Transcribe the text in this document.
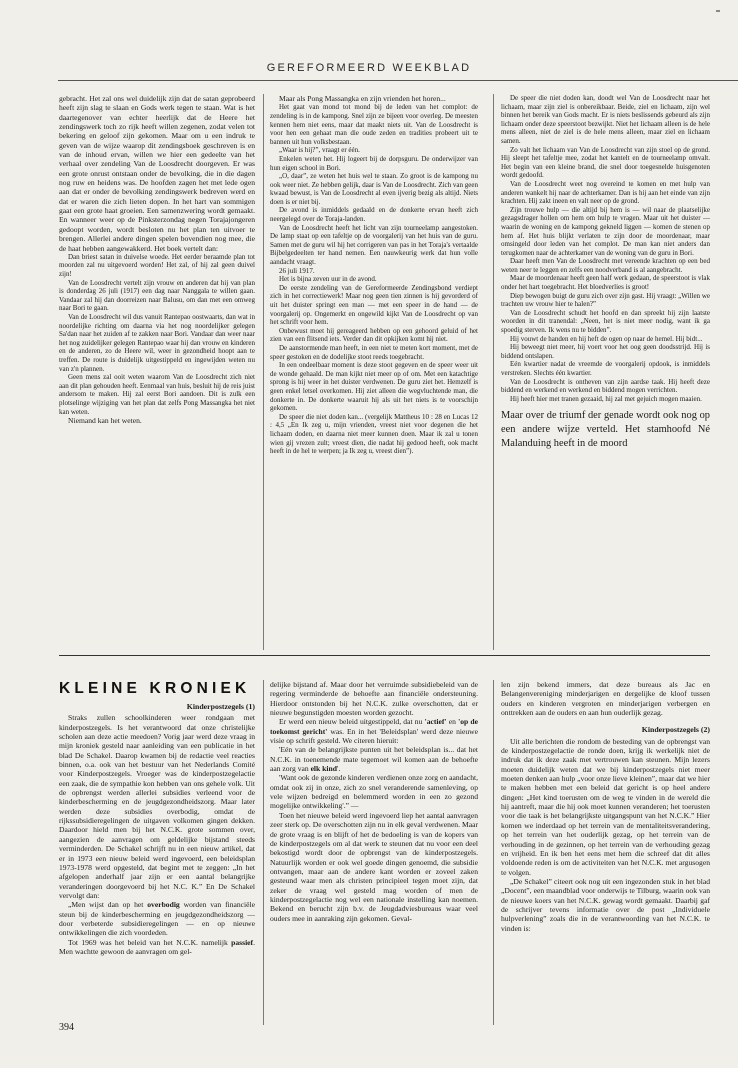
GEREFORMEERD WEEKBLAD

gebracht. Het zal ons wel duidelijk zijn dat de satan geprobeerd heeft zijn slag te slaan en Gods werk tegen te staan. Wat is het daartegenover van echter heerlijk dat de Heere het zendingswerk toch zo rijk heeft willen zegenen, zodat velen tot bekering en geloof zijn gekomen. Maar om u een indruk te geven van de wijze waarop dit zendingsboek geschreven is en van de inhoud ervan, willen we hier een gedeelte van het verhaal over zendeling Van de Loosdrecht doorgeven. Er was een grote onrust ontstaan onder de bevolking, die in die dagen nog ruw en heidens was. De hoofden zagen het met lede ogen aan dat er onder de bevolking zendingswerk bedreven werd en dat er waren die zich lieten dopen. In het hart van sommigen gaat een grote haat groeien. Een samenzwering wordt gemaakt. En wanneer weer op de Pinksterzondag negen Torajajongeren gedoopt worden, wordt besloten nu het plan ten uitvoer te brengen. Allerlei andere dingen spelen bovendien nog mee, die de haat hebben aangewakkerd. Het boek vertelt dan:

Dan briest satan in duivelse woede. Het eerder beraamde plan tot moorden zal nu uitgevoerd worden! Het zal, of hij zal geen duivel zijn!

Van de Loosdrecht vertelt zijn vrouw en anderen dat hij van plan is donderdag 26 juli (1917) een dag naar Nanggala te willen gaan. Vandaar zal hij dan doorreizen naar Balusu, om dan met een omweg naar Bori te gaan.

Van de Loosdrecht wil dus vanuit Rantepao oostwaarts, dan wat in noordelijke richting om daarna via het nog noordelijker gelegen Sa'dan naar het zuiden af te zakken naar Bori. Vandaar dan weer naar het nog zuidelijker gelegen Rantepao waar hij dan vrouw en kinderen en de anderen, zo de Heere wil, weer in gezondheid hoopt aan te treffen. De route is duidelijk uitgestippeld en ingewijden weten nu van z'n plannen.

Geen mens zal ooit weten waarom Van de Loosdrecht zich niet aan dit plan gehouden heeft. Eenmaal van huis, besluit hij de reis juist andersom te maken. Hij zal eerst Bori aandoen. Dit is zulk een plotselinge wijziging van het plan dat zelfs Pong Massangka het niet kan weten.

Niemand kan het weten.

Maar als Pong Massangka en zijn vrienden het horen...

Het gaat van mond tot mond bij de leden van het complot: de zendeling is in de kampong. Snel zijn ze bijeen voor overleg. De meesten kennen hem niet eens, maar dat maakt niets uit. Van de Loosdrecht is voor hen een gehaat man die oude zeden en tradities probeert uit te bannen uit hun volksbestaan.

„Waar is hij?”, vraagt er één.

Enkelen weten het. Hij logeert bij de dorpsguru. De onderwijzer van hun eigen school in Bori.

„O, daar”, ze weten het huis wel te staan. Zo groot is de kampong nu ook weer niet. Ze hebben gelijk, daar is Van de Loosdrecht. Zich van geen kwaad bewust, is Van de Loosdrecht al even ijverig bezig als altijd. Niets doen is er niet bij.

De avond is inmiddels gedaald en de donkerte ervan heeft zich neergelegd over de Toraja-landen.

Van de Loosdrecht heeft het licht van zijn tourneelamp aangestoken. De lamp staat op een tafeltje op de voorgalerij van het huis van de guru. Samen met de guru wil hij het corrigeren van pas in het Toraja's vertaalde Bijbelgedeelten ter hand nemen. Een nauwkeurig werk dat hun volle aandacht vraagt.

26 juli 1917.

Het is bijna zeven uur in de avond.

De eerste zendeling van de Gereformeerde Zendingsbond verdiept zich in het correctiewerk! Maar nog geen tien zinnen is hij gevorderd of uit het duister springt een man — met een speer in de hand — de voorgalerij op. Ongemerkt en ongewild kijkt Van de Loosdrecht op van het schrift voor hem.

Onbewust moet hij gereageerd hebben op een gehoord geluid of het zien van een flitsend iets. Verder dan dit opkijken komt hij niet.

De aanstormende man heeft, in een niet te meten kort moment, met de speer gestoken en de dodelijke stoot reeds toegebracht.

In een ondeelbaar moment is deze stoot gegeven en de speer weer uit de wonde gehaald. De man kijkt niet meer op of om. Met een katachtige sprong is hij weer in het duister verdwenen. De guru ziet het. Hemzelf is geen enkel letsel overkomen. Hij ziet alleen die wegvluchtende man, die donkerte in. De donkerte waaruit hij als uit het niets is te voorschijn gekomen.

De speer die niet doden kan... (vergelijk Mattheus 10 : 28 en Lucas 12 : 4,5 „En Ik zeg u, mijn vrienden, vreest niet voor degenen die het lichaam doden, en daarna niet meer kunnen doen. Maar ik zal u tonen wien gij vrezen zult; vreest dien, die nadat hij gedood heeft, ook macht heeft in de hel te werpen; ja Ik zeg u, vreest dien”).

De speer die niet doden kan, doodt wel Van de Loosdrecht naar het lichaam, maar zijn ziel is onbereikbaar. Beide, ziel en lichaam, zijn wel binnen het bereik van Gods macht. Er is niets beslissends gebeurd als zijn lichaam onder deze speerstoot bezwijkt. Niet het lichaam alleen is de hele mens alleen, niet de ziel is de hele mens alleen, maar ziel en lichaam samen.

Zo valt het lichaam van Van de Loosdrecht van zijn stoel op de grond. Hij sleept het tafeltje mee, zodat het kantelt en de tourneelamp omvalt. Het begin van een kleine brand, die snel door toegesnelde huisgenoten wordt gedoofd.

Van de Loosdrecht weet nog overeind te komen en met hulp van anderen wankelt hij naar de achterkamer. Dan is hij aan het einde van zijn krachten. Hij zakt ineen en valt neer op de grond.

Zijn trouwe hulp — die altijd bij hem is — wil naar de plaatselijke gezagsdrager hollen om hem om hulp te vragen. Maar uit het duister — waarin de woning en de kampong gekneld liggen — komen de stenen op hem af. Het huis blijkt verlaten te zijn door de moordenaar, maar omsingeld door leden van het complot. De man kan niet anders dan terugkomen naar de achterkamer van de woning van de guru in Bori.

Daar heeft men Van de Loosdrecht met vereende krachten op een bed weten neer te leggen en zelfs een noodverband is al aangebracht.

Maar de moordenaar heeft geen half werk gedaan, de speerstoot is vlak onder het hart toegebracht. Het bloedverlies is groot!

Diep bewogen buigt de guru zich over zijn gast. Hij vraagt: „Willen we trachten uw vrouw hier te halen?”

Van de Loosdrecht schudt het hoofd en dan spreekt hij zijn laatste woorden in dit tranendal: „Neen, het is niet meer nodig, want ik ga spoedig sterven. Ik wens nu te bidden”.

Hij vouwt de handen en hij heft de ogen op naar de hemel. Hij bidt...

Hij beweegt niet meer, hij voert voor het oog geen doodsstrijd. Hij is biddend ontslapen.

Eén kwartier nadat de vreemde de voorgalerij opdook, is inmiddels verstreken. Slechts één kwartier.

Van de Loosdrecht is ontheven van zijn aardse taak. Hij heeft deze biddend en werkend en werkend en biddend mogen verrichten.

Hij heeft hier met tranen gezaaid, hij zal met gejuich mogen maaien.

Maar over de triumf der genade wordt ook nog op een andere wijze verteld. Het stamhoofd Né Malanduing heeft in de moord

KLEINE KRONIEK
Kinderpostzegels (1)

Straks zullen schoolkinderen weer rondgaan met kinderpostzegels. Is het verantwoord dat onze christelijke scholen aan deze actie meedoen? Vorig jaar werd deze vraag in mijn kroniek gesteld naar aanleiding van een publicatie in het blad De Schakel. Daarop kwamen bij de redactie veel reacties binnen, o.a. ook van het bestuur van het Nederlands Comité voor Kinderpostzegels. Vroeger was de kinderpostzegelactie een zaak, die de sympathie kon hebben van ons gehele volk. Uit de opbrengst werden allerlei subsidies verleend voor de kinderbescherming en de jeugdgezondheidszorg. Maar later werden deze subsidies overbodig, omdat de rijkssubsidieregelingen de uitgaven volkomen gingen dekken. Daardoor hield men bij het N.C.K. grote sommen over, aangezien de aanvragen om geldelijke bijstand steeds verminderden. De Schakel schrijft nu in een nieuw artikel, dat er in 1973 een nieuw beleid werd ingevoerd, een beleidsplan 1973-1978 werd opgesteld, dat begint met te zeggen: „In het afgelopen anderhalf jaar zijn er een aantal belangrijke veranderingen doorgevoerd bij het N.C. K.” En De Schakel vervolgt dan:

„Men wijst dan op het overbodig worden van financiële steun bij de kinderbescherming en jeugdgezondheidszorg — door verbeterde subsidieregelingen — en op nieuwe ontwikkelingen die zich voordeden.

Tot 1969 was het beleid van het N.C.K. namelijk passief. Men wachtte gewoon de aanvragen om gel-

delijke bijstand af. Maar door het verruimde subsidiebeleid van de regering verminderde de behoefte aan financiële ondersteuning. Hierdoor ontstonden bij het N.C.K. zulke overschotten, dat er nieuwe begunstigden moesten worden gezocht.

Er werd een nieuw beleid uitgestippeld, dat nu 'actief' en 'op de toekomst gericht' was. En in het 'Beleidsplan' werd deze nieuwe visie op schrift gesteld. We citeren hieruit:

'Eén van de belangrijkste punten uit het beleidsplan is... dat het N.C.K. in toenemende mate tegemoet wil komen aan de behoefte aan zorg van elk kind'.

'Want ook de gezonde kinderen verdienen onze zorg en aandacht, omdat ook zij in onze, zich zo snel veranderende samenleving, op vele wijzen bedreigd en belemmerd worden in een zo gezond mogelijke ontwikkeling'.” —

Toen het nieuwe beleid werd ingevoerd liep het aantal aanvragen zeer sterk op. De overschotten zijn nu in elk geval verdwenen. Maar de grote vraag is en blijft of het de bedoeling is van de kopers van de kinderpostzegels om al dat werk te steunen dat nu voor een deel bekostigd wordt door de opbrengst van de kinderpostzegels. Natuurlijk worden er ook wel goede dingen genoemd, die subsidie ontvangen, maar aan de andere kant worden er zoveel zaken gesteund waar men als christen principieel tegen moet zijn, dat zeker de vraag wel gesteld mag worden of men de kinderpostzegelactie nog wel een nationale instelling kan noemen. Bekend en berucht zijn b.v. de Jeugdadviesbureaus waar veel ouders mee in aanraking zijn gekomen. Geval-

len zijn bekend immers, dat deze bureaus als Jac en Belangenvereniging minderjarigen en dergelijke de kloof tussen ouders en kinderen vergroten en minderjarigen verbergen en onttrekken aan de ouders en aan hun ouderlijk gezag.

Kinderpostzegels (2)

Uit alle berichten die rondom de besteding van de opbrengst van de kinderpostzegelactie de ronde doen, krijg ik werkelijk niet de indruk dat ik deze zaak met vertrouwen kan steunen. Mijn lezers moeten duidelijk weten dat we bij kinderpostzegels niet meer moeten denken aan hulp „voor onze lieve kleinen”, maar dat we hier te maken hebben met een beleid dat gericht is op heel andere dingen: „Het kind toerusten om de weg te vinden in de wereld die hij aantreft, maar die hij ook moet kunnen veranderen; het toerusten voor die taak is het belangrijkste uitgangspunt van het N.C.K.” Hier komen we inderdaad op het terrein van de mentaliteitsverandering, op het terrein van het ouderlijk gezag, op het terrein van de verhouding in de gezinnen, op het terrein van de verhouding gezag en vrijheid. En ik ben het eens met hem die schreef dat dit alles voldoende reden is om de activiteiten van het N.C.K. met argusogen te volgen.

„De Schakel” citeert ook nog uit een ingezonden stuk in het blad „Docent”, een maandblad voor onderwijs te Tilburg, waarin ook van de nieuwe koers van het N.C.K. gewag wordt gemaakt. Daarbij gaf de schrijver tevens informatie over de post „Individuele hulpverlening” zoals die in de verantwoording van het N.C.K. te vinden is:

394
